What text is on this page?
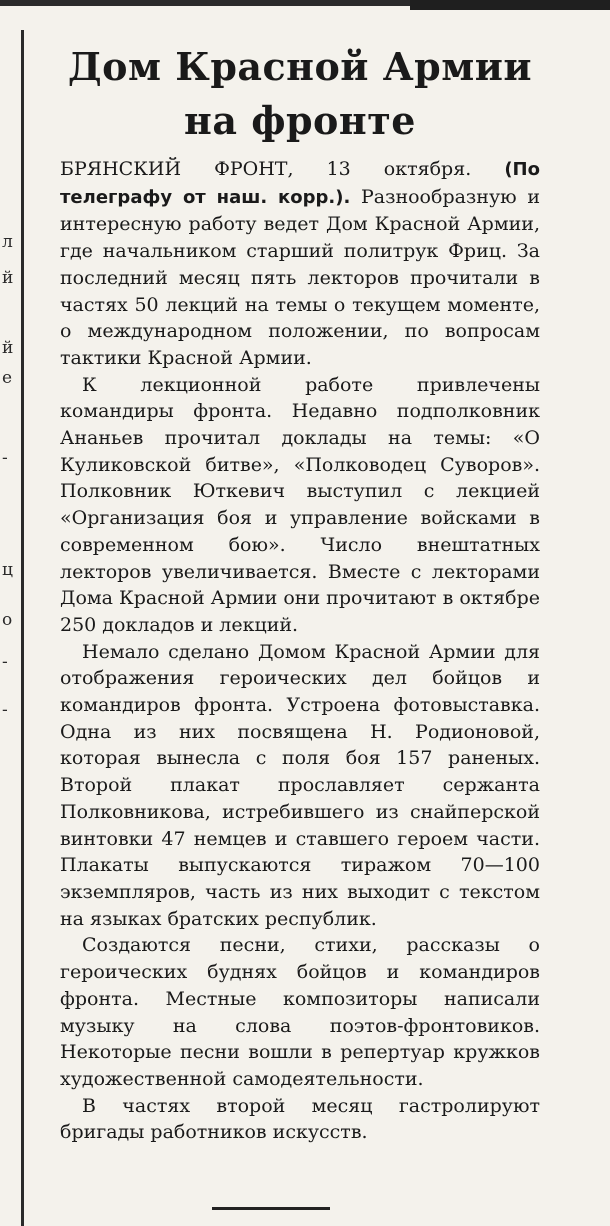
л
й
й
е
-
ц
о
-
-
Дом Красной Армии на фронте

БРЯНСКИЙ ФРОНТ, 13 октября. (По телеграфу от наш. корр.). Разнообразную и интересную работу ведет Дом Красной Армии, где начальником старший политрук Фриц. За последний месяц пять лекторов прочитали в частях 50 лекций на темы о текущем моменте, о международном положении, по вопросам тактики Красной Армии.

К лекционной работе привлечены командиры фронта. Недавно подполковник Ананьев прочитал доклады на темы: «О Куликовской битве», «Полководец Суворов». Полковник Юткевич выступил с лекцией «Организация боя и управление войсками в современном бою». Число внештатных лекторов увеличивается. Вместе с лекторами Дома Красной Армии они прочитают в октябре 250 докладов и лекций.

Немало сделано Домом Красной Армии для отображения героических дел бойцов и командиров фронта. Устроена фотовыставка. Одна из них посвящена Н. Родионовой, которая вынесла с поля боя 157 раненых. Второй плакат прославляет сержанта Полковникова, истребившего из снайперской винтовки 47 немцев и ставшего героем части. Плакаты выпускаются тиражом 70—100 экземпляров, часть из них выходит с текстом на языках братских республик.

Создаются песни, стихи, рассказы о героических буднях бойцов и командиров фронта. Местные композиторы написали музыку на слова поэтов-фронтовиков. Некоторые песни вошли в репертуар кружков художественной самодеятельности.

В частях второй месяц гастролируют бригады работников искусств.
